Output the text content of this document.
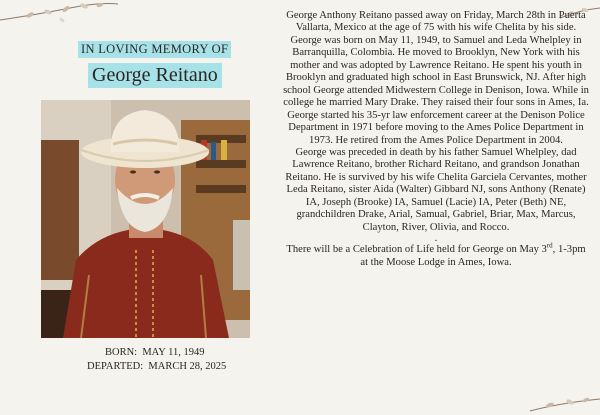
IN LOVING MEMORY OF
George Reitano
BORN: MAY 11, 1949
DEPARTED: MARCH 28, 2025

George Anthony Reitano passed away on Friday, March 28th in Puerta Vallarta, Mexico at the age of 75 with his wife Chelita by his side.

George was born on May 11, 1949, to Samuel and Leda Whelpley in Barranquilla, Colombia. He moved to Brooklyn, New York with his mother and was adopted by Lawrence Reitano. He spent his youth in Brooklyn and graduated high school in East Brunswick, NJ. After high school George attended Midwestern College in Denison, Iowa. While in college he married Mary Drake. They raised their four sons in Ames, Ia. George started his 35-yr law enforcement career at the Denison Police Department in 1971 before moving to the Ames Police Department in 1973. He retired from the Ames Police Department in 2004.

George was preceded in death by his father Samuel Whelpley, dad Lawrence Reitano, brother Richard Reitano, and grandson Jonathan Reitano. He is survived by his wife Chelita Garciela Cervantes, mother Leda Reitano, sister Aida (Walter) Gibbard NJ, sons Anthony (Renate) IA, Joseph (Brooke) IA, Samuel (Lacie) IA, Peter (Beth) NE, grandchildren Drake, Arial, Samual, Gabriel, Briar, Max, Marcus, Clayton, River, Olivia, and Rocco.

.

There will be a Celebration of Life held for George on May 3rd, 1-3pm at the Moose Lodge in Ames, Iowa.
